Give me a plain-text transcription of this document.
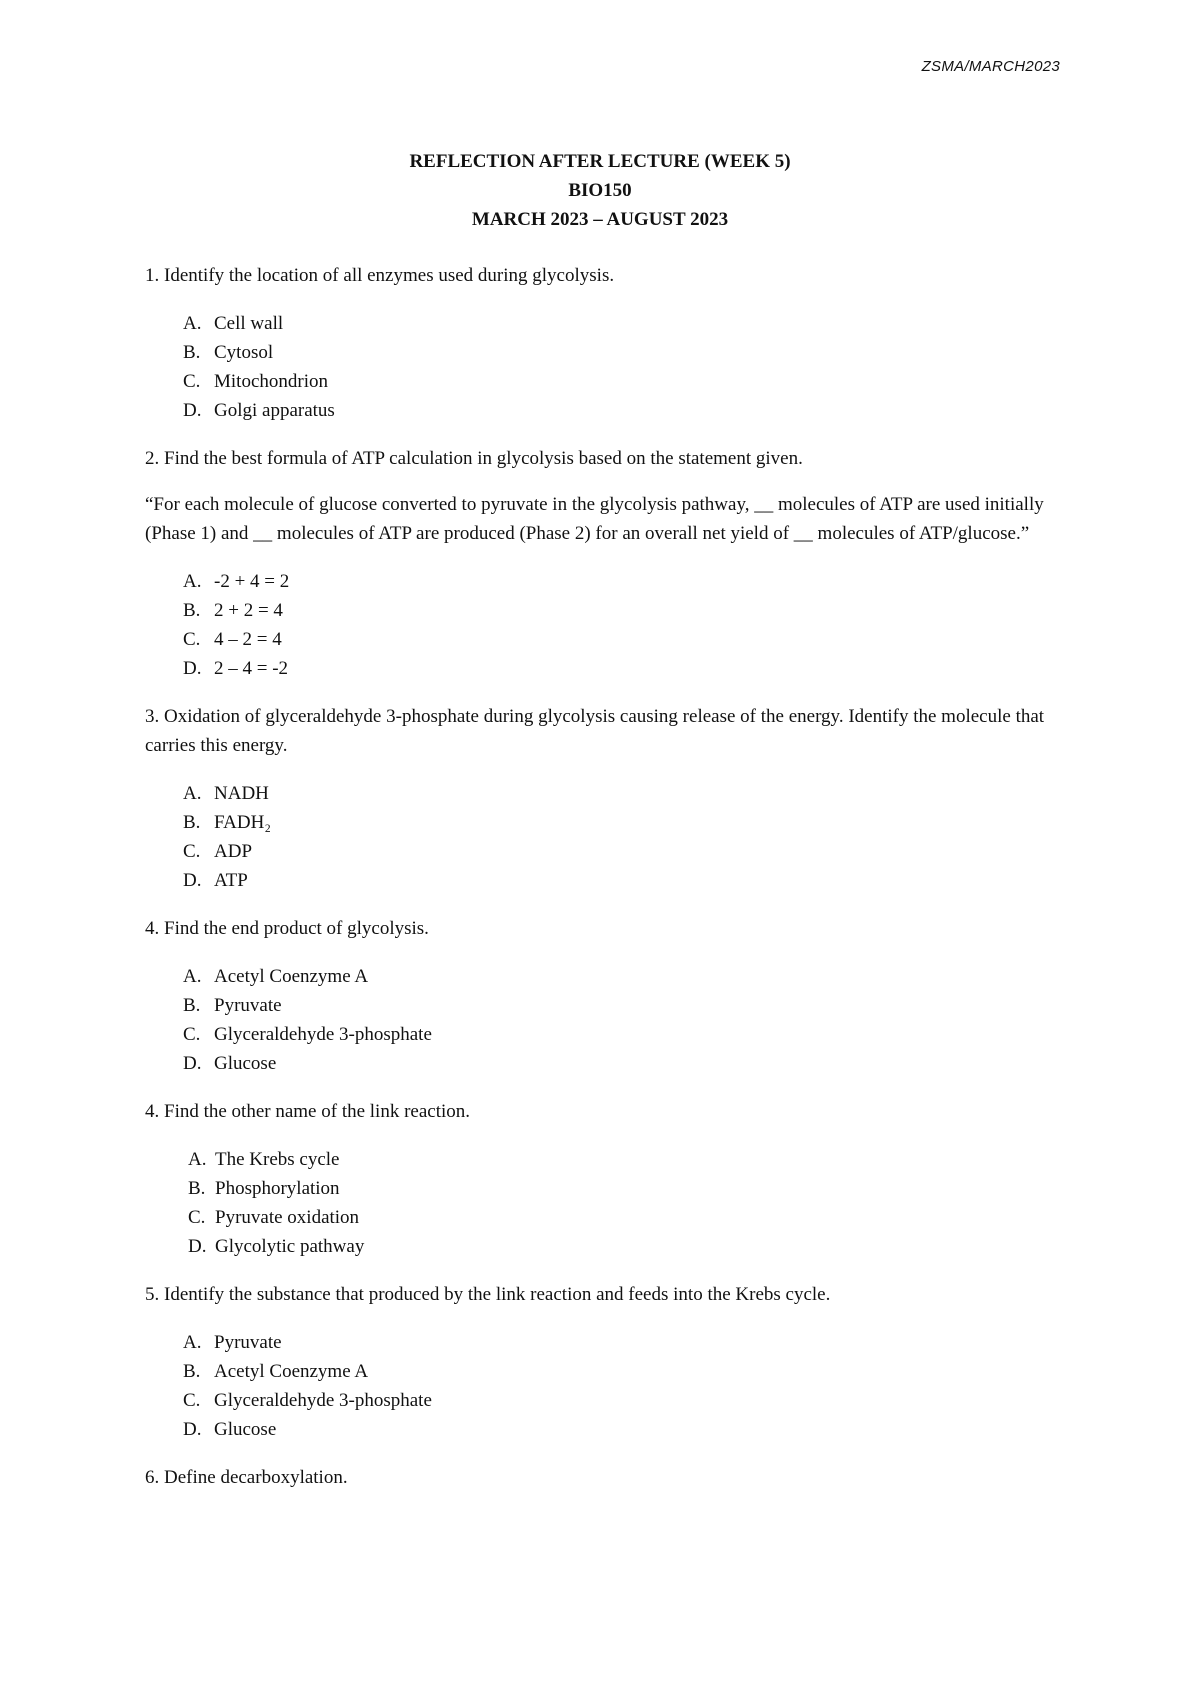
ZSMA/MARCH2023
REFLECTION AFTER LECTURE (WEEK 5)
BIO150
MARCH 2023 – AUGUST 2023

1. Identify the location of all enzymes used during glycolysis.

A. Cell wall
B. Cytosol
C. Mitochondrion
D. Golgi apparatus

2. Find the best formula of ATP calculation in glycolysis based on the statement given.

“For each molecule of glucose converted to pyruvate in the glycolysis pathway, __ molecules of ATP are used initially (Phase 1) and __ molecules of ATP are produced (Phase 2) for an overall net yield of __ molecules of ATP/glucose.”

A. -2 + 4 = 2
B. 2 + 2 = 4
C. 4 – 2 = 4
D. 2 – 4 = -2

3. Oxidation of glyceraldehyde 3-phosphate during glycolysis causing release of the energy. Identify the molecule that carries this energy.

A. NADH
B. FADH₂
C. ADP
D. ATP

4. Find the end product of glycolysis.

A. Acetyl Coenzyme A
B. Pyruvate
C. Glyceraldehyde 3-phosphate
D. Glucose

4. Find the other name of the link reaction.

A. The Krebs cycle
B. Phosphorylation
C. Pyruvate oxidation
D. Glycolytic pathway

5. Identify the substance that produced by the link reaction and feeds into the Krebs cycle.

A. Pyruvate
B. Acetyl Coenzyme A
C. Glyceraldehyde 3-phosphate
D. Glucose

6. Define decarboxylation.
